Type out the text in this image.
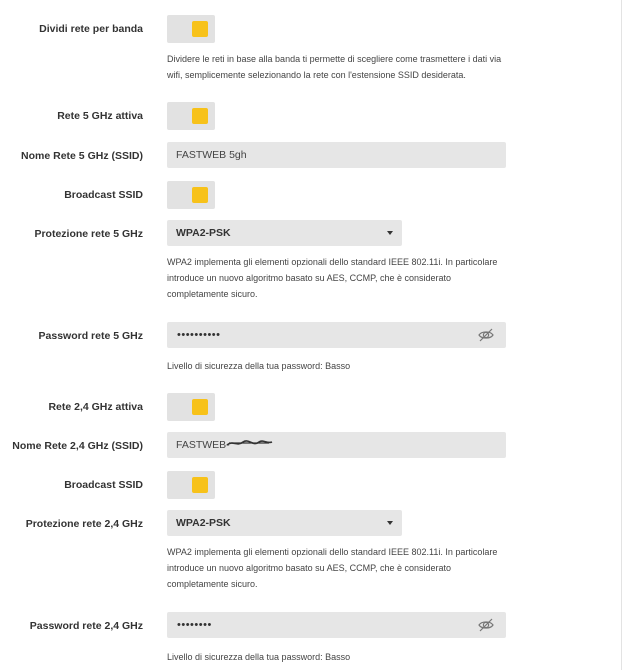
Dividi rete per banda
Dividere le reti in base alla banda ti permette di scegliere come trasmettere i dati via wifi, semplicemente selezionando la rete con l'estensione SSID desiderata.
Rete 5 GHz attiva
Nome Rete 5 GHz (SSID)	FASTWEB 5gh
Broadcast SSID
Protezione rete 5 GHz	WPA2-PSK
WPA2 implementa gli elementi opzionali dello standard IEEE 802.11i. In particolare introduce un nuovo algoritmo basato su AES, CCMP, che è considerato completamente sicuro.
Password rete 5 GHz	••••••••••
Livello di sicurezza della tua password: Basso
Rete 2,4 GHz attiva
Nome Rete 2,4 GHz (SSID)	FASTWEB-
Broadcast SSID
Protezione rete 2,4 GHz	WPA2-PSK
WPA2 implementa gli elementi opzionali dello standard IEEE 802.11i. In particolare introduce un nuovo algoritmo basato su AES, CCMP, che è considerato completamente sicuro.
Password rete 2,4 GHz	••••••••
Livello di sicurezza della tua password: Basso
